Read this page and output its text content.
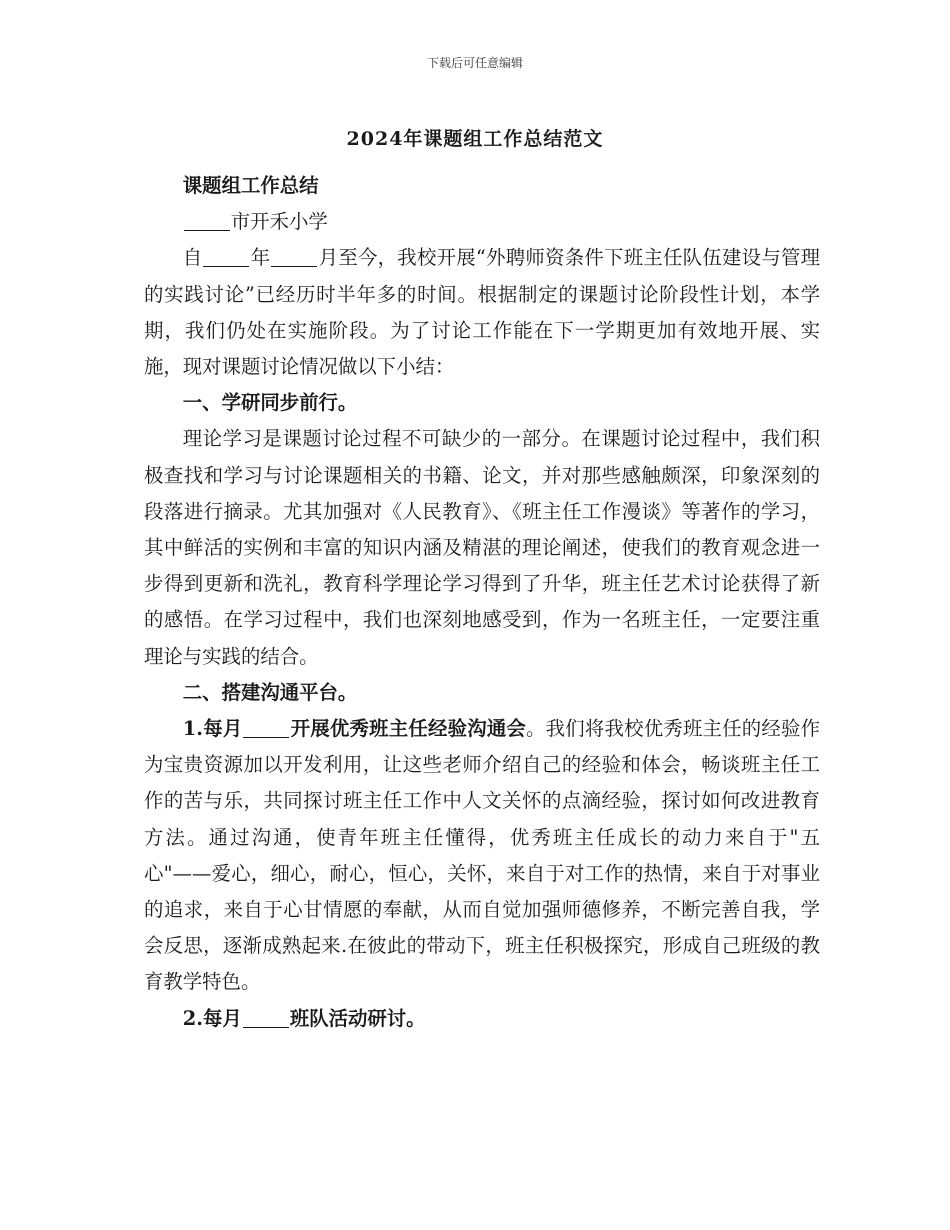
下载后可任意编辑
2024年课题组工作总结范文

课题组工作总结

市开禾小学

自 年 月至今，我校开展“外聘师资条件下班主任队伍建设与管理的实践讨论”已经历时半年多的时间。根据制定的课题讨论阶段性计划，本学期，我们仍处在实施阶段。为了讨论工作能在下一学期更加有效地开展、实施，现对课题讨论情况做以下小结：

一、学研同步前行。

理论学习是课题讨论过程不可缺少的一部分。在课题讨论过程中，我们积极查找和学习与讨论课题相关的书籍、论文，并对那些感触颇深，印象深刻的段落进行摘录。尤其加强对《人民教育》、《班主任工作漫谈》等著作的学习，其中鲜活的实例和丰富的知识内涵及精湛的理论阐述，使我们的教育观念进一步得到更新和洗礼，教育科学理论学习得到了升华，班主任艺术讨论获得了新的感悟。在学习过程中，我们也深刻地感受到，作为一名班主任，一定要注重理论与实践的结合。

二、搭建沟通平台。

1.每月 开展优秀班主任经验沟通会。我们将我校优秀班主任的经验作为宝贵资源加以开发利用，让这些老师介绍自己的经验和体会，畅谈班主任工作的苦与乐，共同探讨班主任工作中人文关怀的点滴经验，探讨如何改进教育方法。通过沟通，使青年班主任懂得，优秀班主任成长的动力来自于"五心"——爱心，细心，耐心，恒心，关怀，来自于对工作的热情，来自于对事业的追求，来自于心甘情愿的奉献，从而自觉加强师德修养，不断完善自我，学会反思，逐渐成熟起来.在彼此的带动下，班主任积极探究，形成自己班级的教育教学特色。

2.每月 班队活动研讨。
